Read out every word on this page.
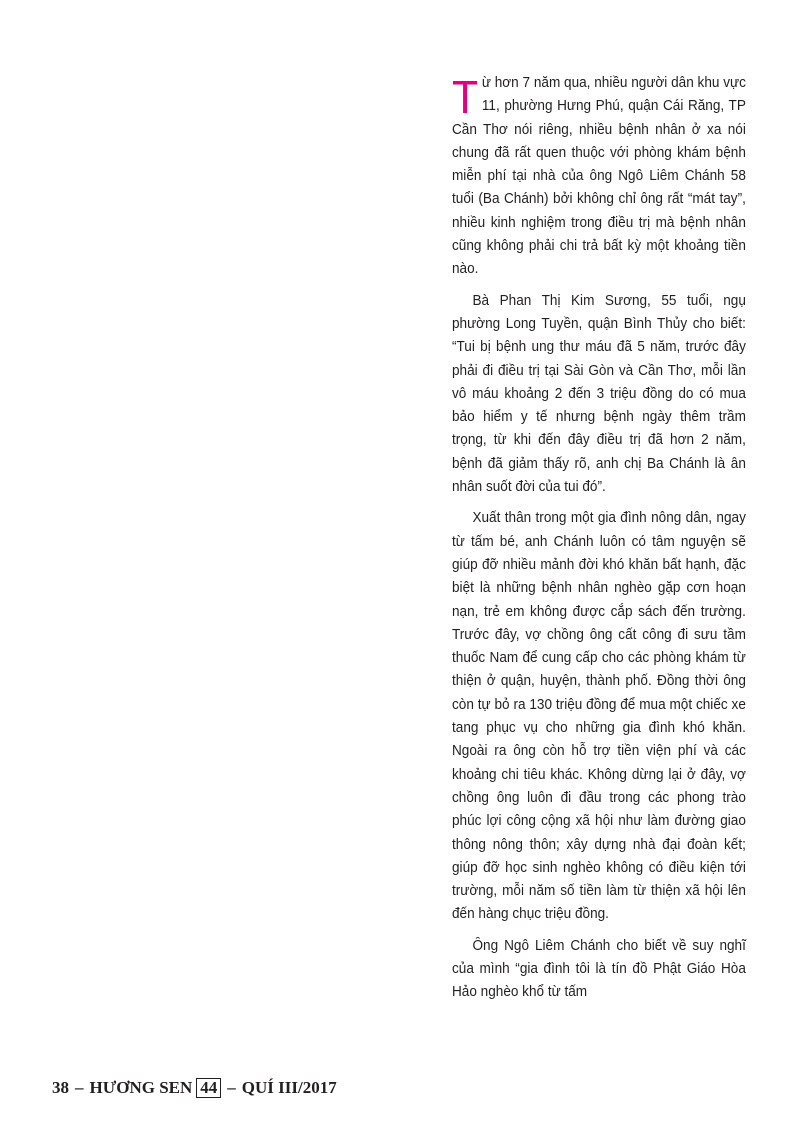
Từ hơn 7 năm qua, nhiều người dân khu vực 11, phường Hưng Phú, quận Cái Răng, TP Cần Thơ nói riêng, nhiều bệnh nhân ở xa nói chung đã rất quen thuộc với phòng khám bệnh miễn phí tại nhà của ông Ngô Liêm Chánh 58 tuổi (Ba Chánh) bởi không chỉ ông rất “mát tay”, nhiều kinh nghiệm trong điều trị mà bệnh nhân cũng không phải chi trả bất kỳ một khoảng tiền nào.

Bà Phan Thị Kim Sương, 55 tuổi, ngụ phường Long Tuyền, quận Bình Thủy cho biết: “Tui bị bệnh ung thư máu đã 5 năm, trước đây phải đi điều trị tại Sài Gòn và Cần Thơ, mỗi lần vô máu khoảng 2 đến 3 triệu đồng do có mua bảo hiểm y tế nhưng bệnh ngày thêm trầm trọng, từ khi đến đây điều trị đã hơn 2 năm, bệnh đã giảm thấy rõ, anh chị Ba Chánh là ân nhân suốt đời của tui đó”.

Xuất thân trong một gia đình nông dân, ngay từ tấm bé, anh Chánh luôn có tâm nguyện sẽ giúp đỡ nhiều mảnh đời khó khăn bất hạnh, đặc biệt là những bệnh nhân nghèo gặp cơn hoạn nạn, trẻ em không được cắp sách đến trường. Trước đây, vợ chồng ông cất công đi sưu tầm thuốc Nam để cung cấp cho các phòng khám từ thiện ở quận, huyện, thành phố. Đồng thời ông còn tự bỏ ra 130 triệu đồng để mua một chiếc xe tang phục vụ cho những gia đình khó khăn. Ngoài ra ông còn hỗ trợ tiền viện phí và các khoảng chi tiêu khác. Không dừng lại ở đây, vợ chồng ông luôn đi đầu trong các phong trào phúc lợi công cộng xã hội như làm đường giao thông nông thôn; xây dựng nhà đại đoàn kết; giúp đỡ học sinh nghèo không có điều kiện tới trường, mỗi năm số tiền làm từ thiện xã hội lên đến hàng chục triệu đồng.

Ông Ngô Liêm Chánh cho biết về suy nghĩ của mình “gia đình tôi là tín đồ Phật Giáo Hòa Hảo nghèo khổ từ tấm

38 – HƯƠNG SEN 44 – QUÍ III/2017
